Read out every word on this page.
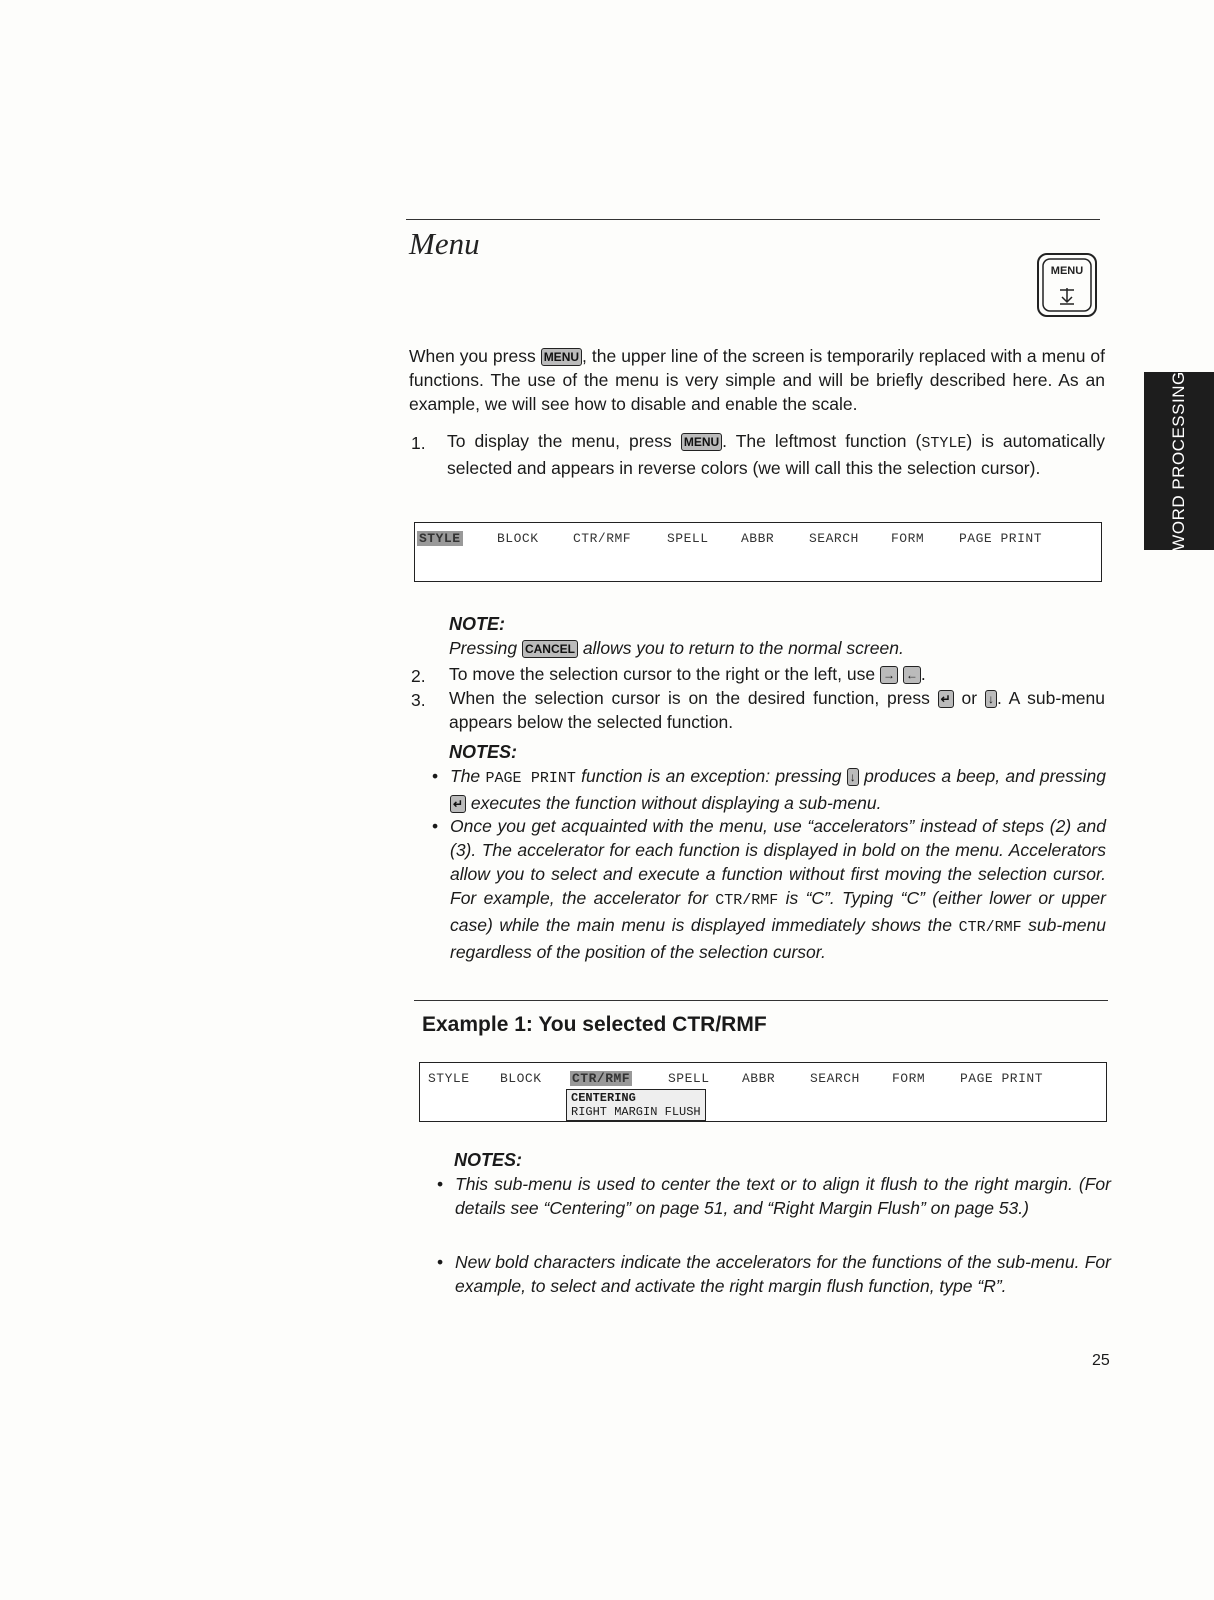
Menu
MENU
WORD PROCESSING
When you press MENU , the upper line of the screen is temporarily replaced with a menu of functions. The use of the menu is very simple and will be briefly described here. As an example, we will see how to disable and enable the scale.
1. To display the menu, press MENU . The leftmost function (STYLE) is automatically selected and appears in reverse colors (we will call this the selection cursor).
STYLE	BLOCK	CTR/RMF	SPELL ABBR	SEARCH FORM	PAGE PRINT
NOTE:
Pressing CANCEL allows you to return to the normal screen.
2. To move the selection cursor to the right or the left, use → ← .
3. When the selection cursor is on the desired function, press ↵ or ↓ . A sub-menu appears below the selected function.
NOTES:
• The PAGE PRINT function is an exception: pressing ↓ produces a beep, and pressing ↵ executes the function without displaying a sub-menu.
• Once you get acquainted with the menu, use “accelerators” instead of steps (2) and (3). The accelerator for each function is displayed in bold on the menu. Accelerators allow you to select and execute a function without first moving the selection cursor. For example, the accelerator for CTR/RMF is “C”. Typing “C” (either lower or upper case) while the main menu is displayed immediately shows the CTR/RMF sub-menu regardless of the position of the selection cursor.
Example 1: You selected CTR/RMF
STYLE BLOCK CTR/RMF	SPELL ABBR	SEARCH FORM	PAGE PRINT
CENTERING
RIGHT MARGIN FLUSH
NOTES:
• This sub-menu is used to center the text or to align it flush to the right margin. (For details see “Centering” on page 51, and “Right Margin Flush” on page 53.)
• New bold characters indicate the accelerators for the functions of the sub-menu. For example, to select and activate the right margin flush function, type “R”.
25
